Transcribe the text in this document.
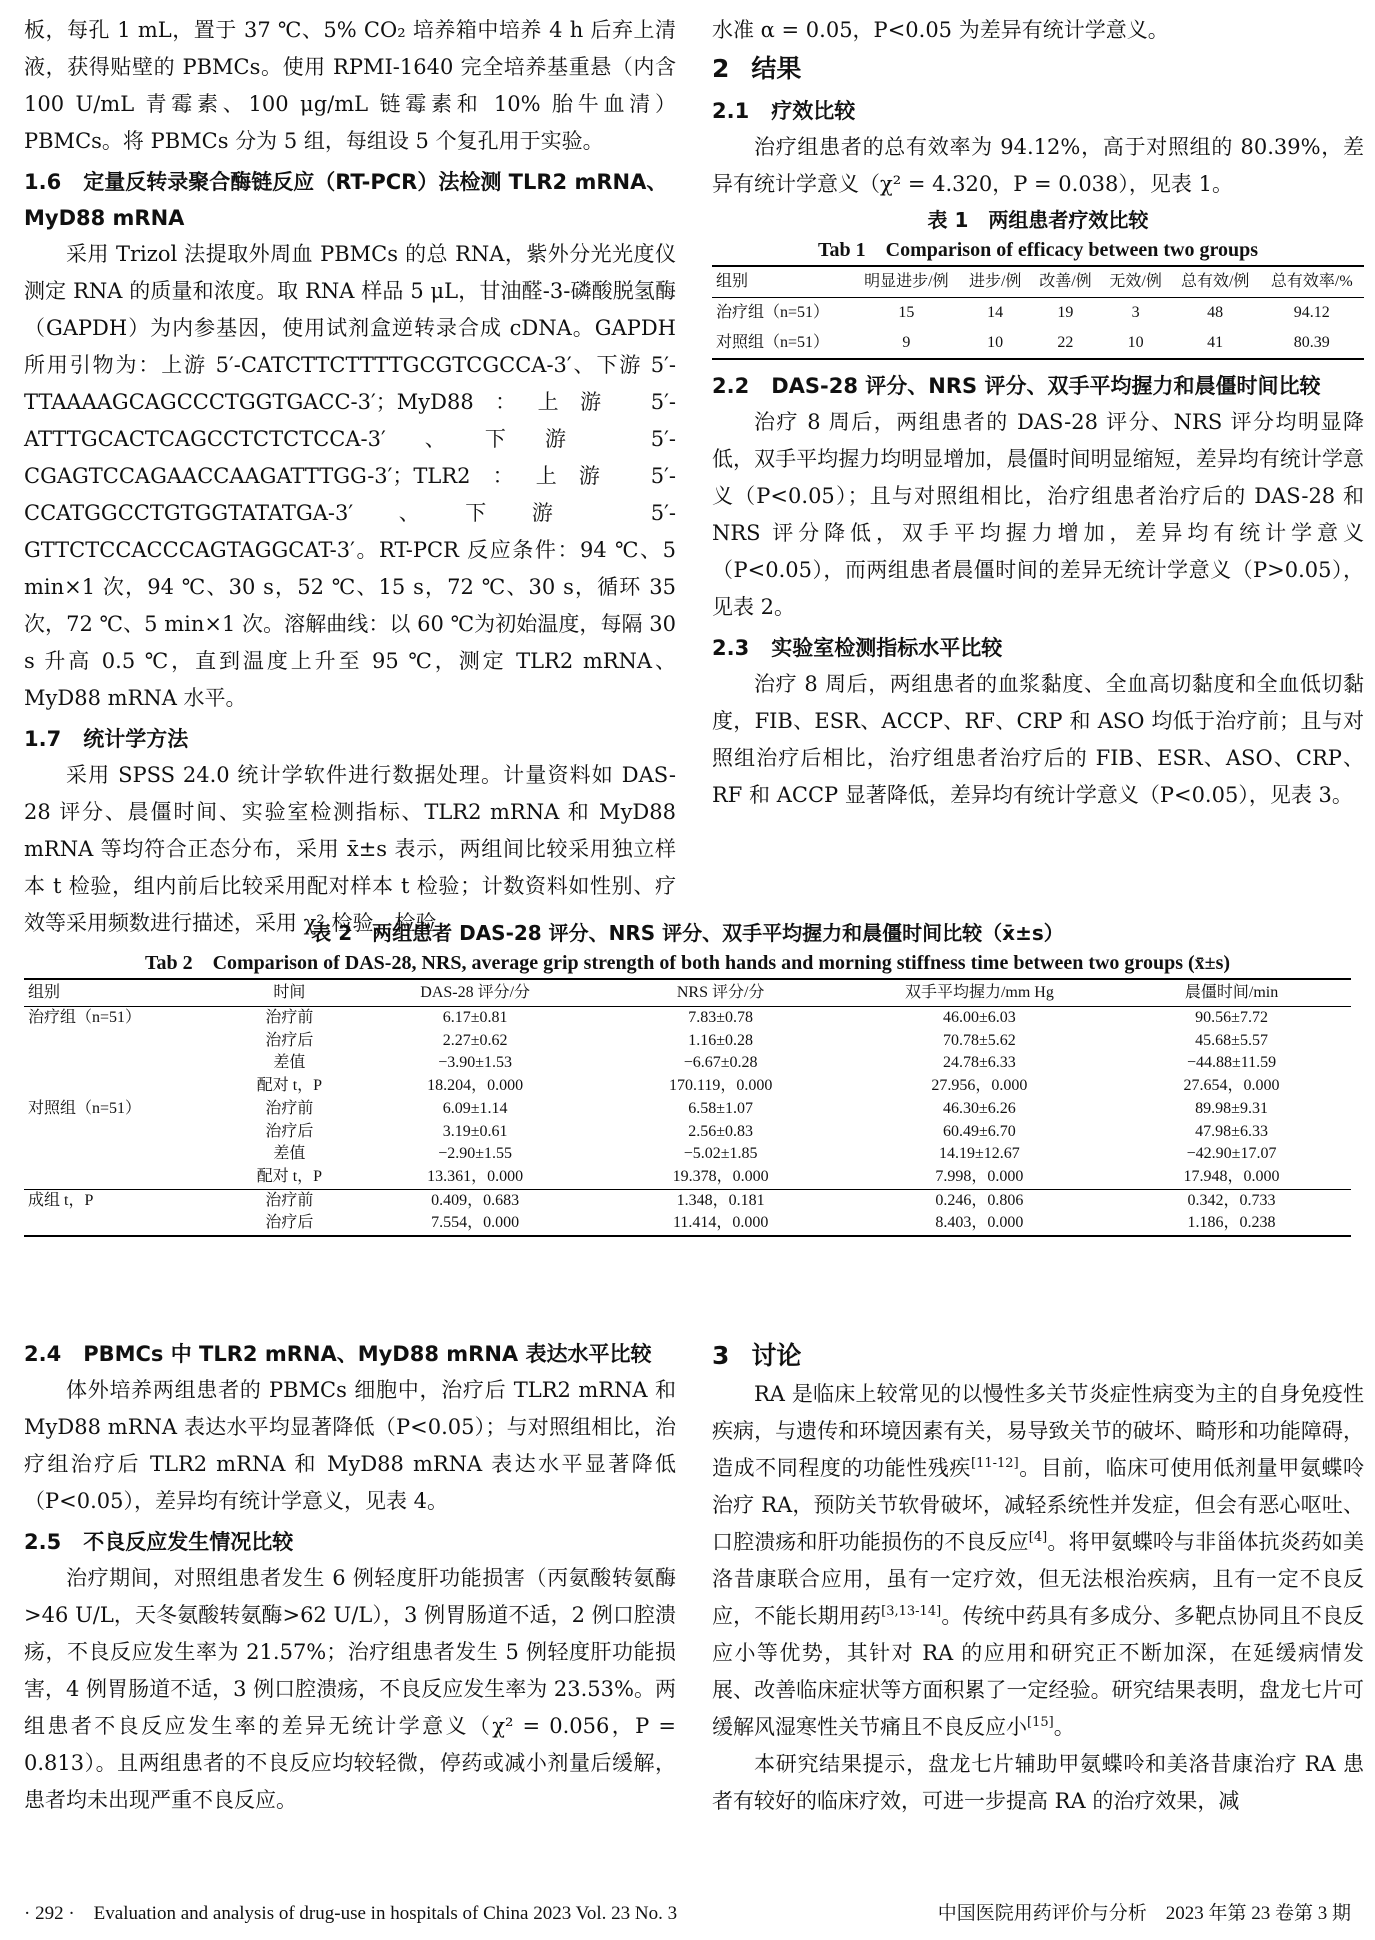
板，每孔 1 mL，置于 37 ℃、5% CO₂ 培养箱中培养 4 h 后弃上清液，获得贴壁的 PBMCs。使用 RPMI-1640 完全培养基重悬（内含 100 U/mL 青霉素、100 μg/mL 链霉素和 10% 胎牛血清）PBMCs。将 PBMCs 分为 5 组，每组设 5 个复孔用于实验。

1.6 定量反转录聚合酶链反应（RT-PCR）法检测 TLR2 mRNA、MyD88 mRNA

采用 Trizol 法提取外周血 PBMCs 的总 RNA，紫外分光光度仪测定 RNA 的质量和浓度。取 RNA 样品 5 μL，甘油醛-3-磷酸脱氢酶（GAPDH）为内参基因，使用试剂盒逆转录合成 cDNA。GAPDH 所用引物为：上游 5′-CATCTTCTTTTGCGTCGCCA-3′、下游 5′-TTAAAAGCAGCCCTGGTGACC-3′；MyD88：上游 5′-ATTTGCACTCAGCCTCTCTCCA-3′、下游 5′-CGAGTCCAGAACCAAGATTTGG-3′；TLR2：上游 5′-CCATGGCCTGTGGTATATGA-3′、下游 5′-GTTCTCCACCCAGTAGGCAT-3′。RT-PCR 反应条件：94 ℃、5 min×1 次，94 ℃、30 s，52 ℃、15 s，72 ℃、30 s，循环 35 次，72 ℃、5 min×1 次。溶解曲线：以 60 ℃为初始温度，每隔 30 s 升高 0.5 ℃，直到温度上升至 95 ℃，测定 TLR2 mRNA、MyD88 mRNA 水平。

1.7 统计学方法

采用 SPSS 24.0 统计学软件进行数据处理。计量资料如 DAS-28 评分、晨僵时间、实验室检测指标、TLR2 mRNA 和 MyD88 mRNA 等均符合正态分布，采用 x̄±s 表示，两组间比较采用独立样本 t 检验，组内前后比较采用配对样本 t 检验；计数资料如性别、疗效等采用频数进行描述，采用 χ² 检验，检验

水准 α = 0.05，P<0.05 为差异有统计学意义。

2 结果
2.1 疗效比较

治疗组患者的总有效率为 94.12%，高于对照组的 80.39%，差异有统计学意义（χ² = 4.320，P = 0.038），见表 1。

表 1　两组患者疗效比较
Tab 1　Comparison of efficacy between two groups
组别	明显进步/例	进步/例	改善/例	无效/例	总有效/例	总有效率/%
治疗组（n=51）	15	14	19	3	48	94.12
对照组（n=51）	9	10	22	10	41	80.39
2.2 DAS-28 评分、NRS 评分、双手平均握力和晨僵时间比较

治疗 8 周后，两组患者的 DAS-28 评分、NRS 评分均明显降低，双手平均握力均明显增加，晨僵时间明显缩短，差异均有统计学意义（P<0.05）；且与对照组相比，治疗组患者治疗后的 DAS-28 和 NRS 评分降低，双手平均握力增加，差异均有统计学意义（P<0.05），而两组患者晨僵时间的差异无统计学意义（P>0.05），见表 2。

2.3 实验室检测指标水平比较

治疗 8 周后，两组患者的血浆黏度、全血高切黏度和全血低切黏度，FIB、ESR、ACCP、RF、CRP 和 ASO 均低于治疗前；且与对照组治疗后相比，治疗组患者治疗后的 FIB、ESR、ASO、CRP、RF 和 ACCP 显著降低，差异均有统计学意义（P<0.05），见表 3。

表 2　两组患者 DAS-28 评分、NRS 评分、双手平均握力和晨僵时间比较（x̄±s）
Tab 2　Comparison of DAS-28, NRS, average grip strength of both hands and morning stiffness time between two groups (x̄±s)
组别	时间	DAS-28 评分/分	NRS 评分/分	双手平均握力/mm Hg	晨僵时间/min
治疗组（n=51）	治疗前	6.17±0.81	7.83±0.78	46.00±6.03	90.56±7.72
	治疗后	2.27±0.62	1.16±0.28	70.78±5.62	45.68±5.57
	差值	−3.90±1.53	−6.67±0.28	24.78±6.33	−44.88±11.59
	配对 t，P	18.204，0.000	170.119，0.000	27.956，0.000	27.654，0.000
对照组（n=51）	治疗前	6.09±1.14	6.58±1.07	46.30±6.26	89.98±9.31
	治疗后	3.19±0.61	2.56±0.83	60.49±6.70	47.98±6.33
	差值	−2.90±1.55	−5.02±1.85	14.19±12.67	−42.90±17.07
	配对 t，P	13.361，0.000	19.378，0.000	7.998，0.000	17.948，0.000
成组 t，P	治疗前	0.409，0.683	1.348，0.181	0.246，0.806	0.342，0.733
	治疗后	7.554，0.000	11.414，0.000	8.403，0.000	1.186，0.238
2.4 PBMCs 中 TLR2 mRNA、MyD88 mRNA 表达水平比较

体外培养两组患者的 PBMCs 细胞中，治疗后 TLR2 mRNA 和 MyD88 mRNA 表达水平均显著降低（P<0.05）；与对照组相比，治疗组治疗后 TLR2 mRNA 和 MyD88 mRNA 表达水平显著降低（P<0.05），差异均有统计学意义，见表 4。

2.5 不良反应发生情况比较

治疗期间，对照组患者发生 6 例轻度肝功能损害（丙氨酸转氨酶>46 U/L，天冬氨酸转氨酶>62 U/L），3 例胃肠道不适，2 例口腔溃疡，不良反应发生率为 21.57%；治疗组患者发生 5 例轻度肝功能损害，4 例胃肠道不适，3 例口腔溃疡，不良反应发生率为 23.53%。两组患者不良反应发生率的差异无统计学意义（χ² = 0.056，P = 0.813）。且两组患者的不良反应均较轻微，停药或减小剂量后缓解，患者均未出现严重不良反应。

3 讨论

RA 是临床上较常见的以慢性多关节炎症性病变为主的自身免疫性疾病，与遗传和环境因素有关，易导致关节的破坏、畸形和功能障碍，造成不同程度的功能性残疾[11-12]。目前，临床可使用低剂量甲氨蝶呤治疗 RA，预防关节软骨破坏，减轻系统性并发症，但会有恶心呕吐、口腔溃疡和肝功能损伤的不良反应[4]。将甲氨蝶呤与非甾体抗炎药如美洛昔康联合应用，虽有一定疗效，但无法根治疾病，且有一定不良反应，不能长期用药[3,13-14]。传统中药具有多成分、多靶点协同且不良反应小等优势，其针对 RA 的应用和研究正不断加深，在延缓病情发展、改善临床症状等方面积累了一定经验。研究结果表明，盘龙七片可缓解风湿寒性关节痛且不良反应小[15]。

本研究结果提示，盘龙七片辅助甲氨蝶呤和美洛昔康治疗 RA 患者有较好的临床疗效，可进一步提高 RA 的治疗效果，减

· 292 ·　Evaluation and analysis of drug-use in hospitals of China 2023 Vol. 23 No. 3	中国医院用药评价与分析　2023 年第 23 卷第 3 期
